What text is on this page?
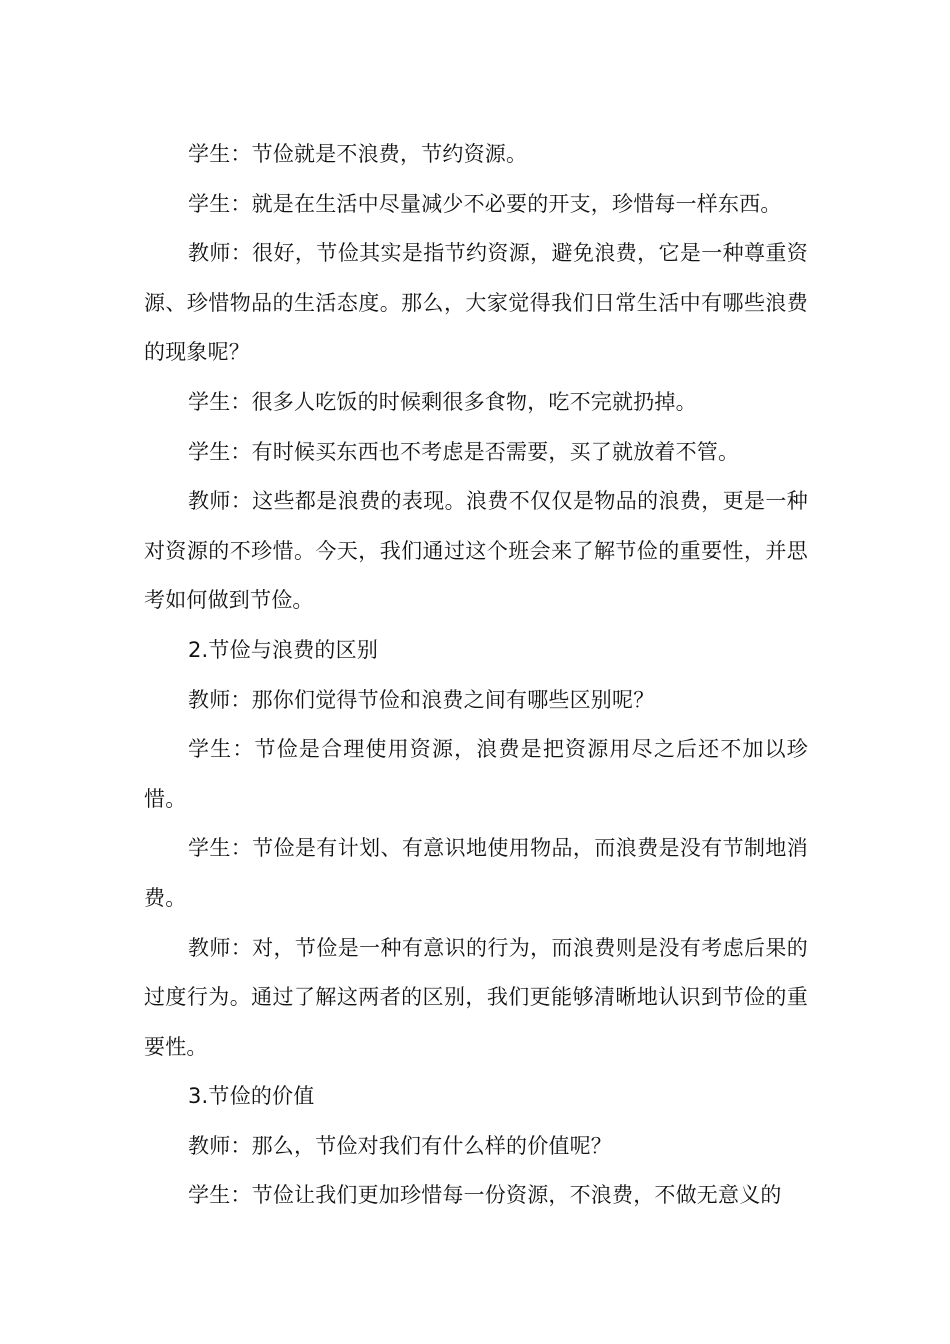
学生：节俭就是不浪费，节约资源。

学生：就是在生活中尽量减少不必要的开支，珍惜每一样东西。

教师：很好，节俭其实是指节约资源，避免浪费，它是一种尊重资源、珍惜物品的生活态度。那么，大家觉得我们日常生活中有哪些浪费的现象呢？

学生：很多人吃饭的时候剩很多食物，吃不完就扔掉。

学生：有时候买东西也不考虑是否需要，买了就放着不管。

教师：这些都是浪费的表现。浪费不仅仅是物品的浪费，更是一种对资源的不珍惜。今天，我们通过这个班会来了解节俭的重要性，并思考如何做到节俭。

2.节俭与浪费的区别

教师：那你们觉得节俭和浪费之间有哪些区别呢？

学生：节俭是合理使用资源，浪费是把资源用尽之后还不加以珍惜。

学生：节俭是有计划、有意识地使用物品，而浪费是没有节制地消费。

教师：对，节俭是一种有意识的行为，而浪费则是没有考虑后果的过度行为。通过了解这两者的区别，我们更能够清晰地认识到节俭的重要性。

3.节俭的价值

教师：那么，节俭对我们有什么样的价值呢？

学生：节俭让我们更加珍惜每一份资源，不浪费，不做无意义的
